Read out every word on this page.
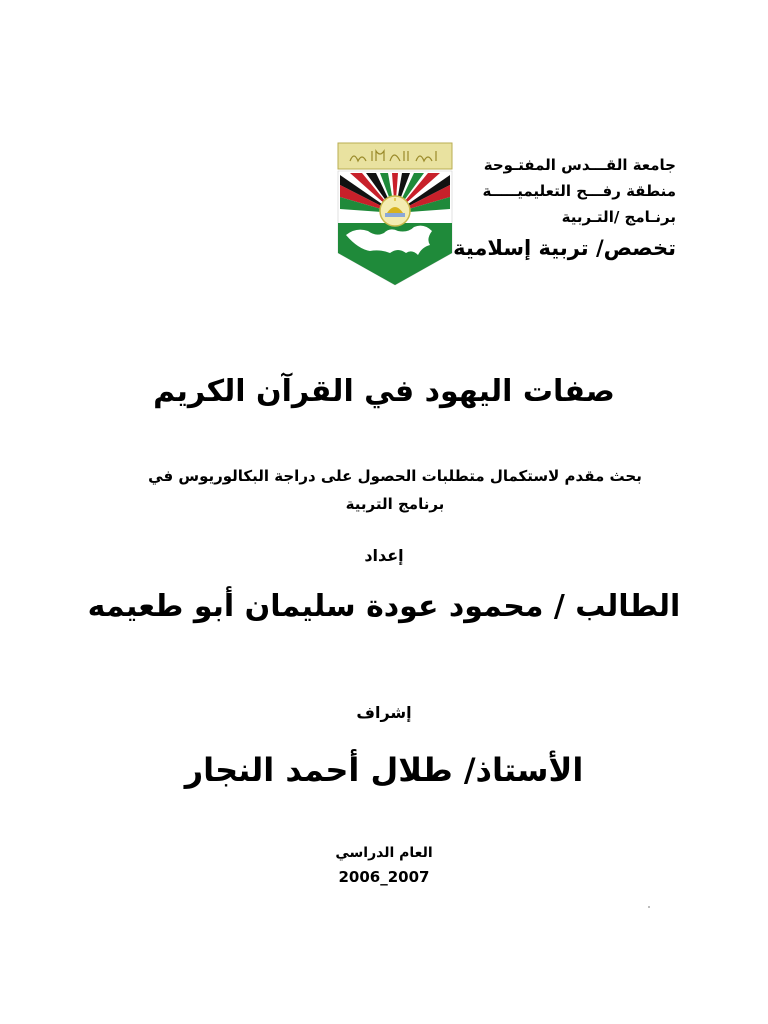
جامعة القـــدس المفتـوحة
منطقة رفـــح التعليميـــــة
برنـامج /التـربية
تخصص/ تربية إسلامية
صفات اليهود في القرآن الكريم
بحث مقدم لاستكمال متطلبات الحصول على دراجة البكالوريوس في برنامج التربية
إعداد
الطالب / محمود عودة سليمان أبو طعيمه
إشراف
الأستاذ/ طلال أحمد النجار
العام الدراسي
2006_2007
